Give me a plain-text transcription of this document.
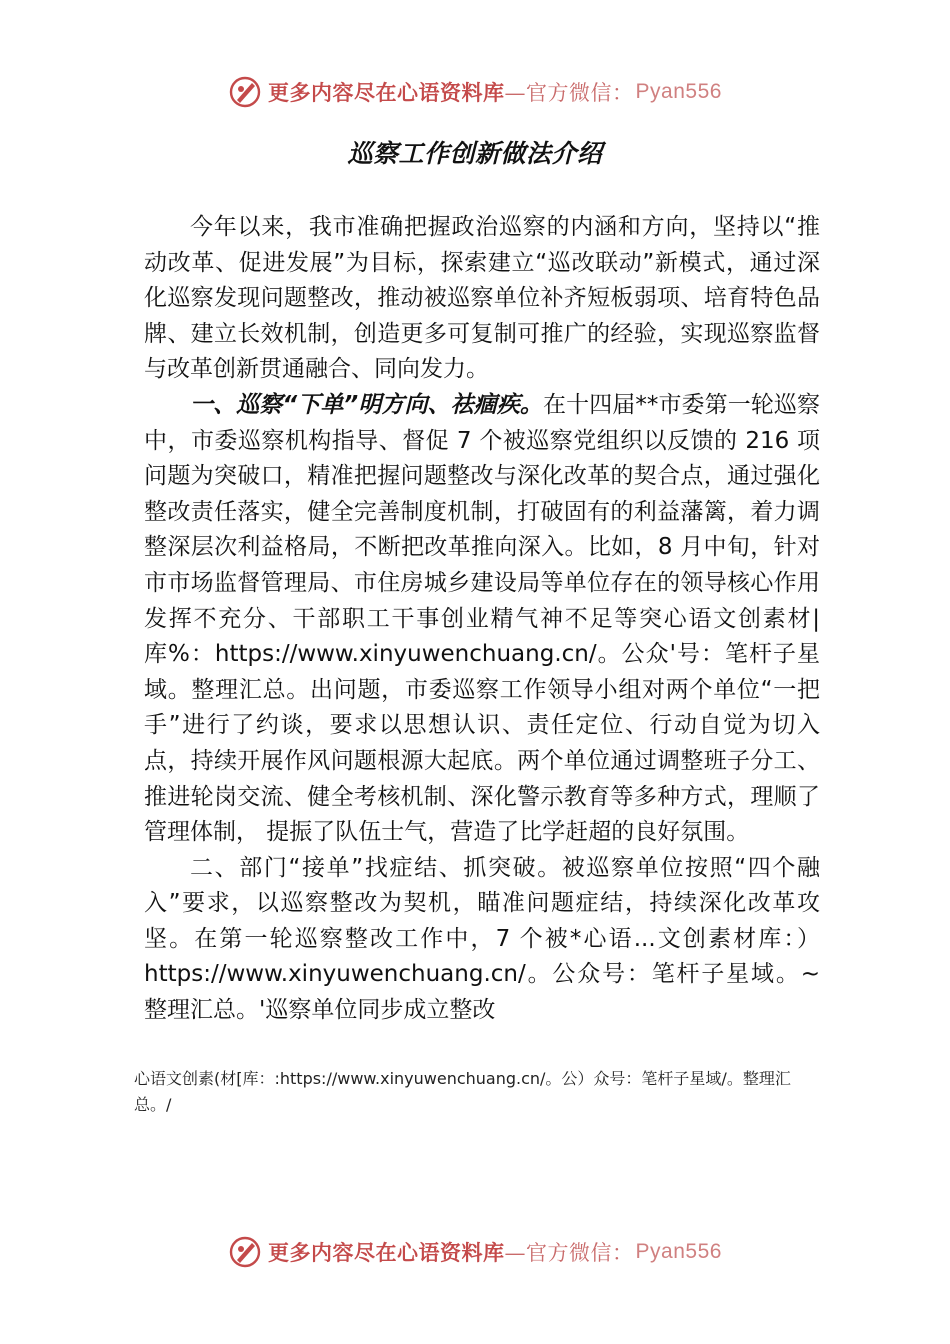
更多内容尽在心语资料库 —官方微信： Pyan556
巡察工作创新做法介绍

今年以来，我市准确把握政治巡察的内涵和方向，坚持以“推动改革、促进发展”为目标，探索建立“巡改联动”新模式，通过深化巡察发现问题整改，推动被巡察单位补齐短板弱项、培育特色品牌、建立长效机制，创造更多可复制可推广的经验，实现巡察监督与改革创新贯通融合、同向发力。

一、巡察“下单”明方向、祛痼疾。在十四届**市委第一轮巡察中，市委巡察机构指导、督促 7 个被巡察党组织以反馈的 216 项问题为突破口，精准把握问题整改与深化改革的契合点，通过强化整改责任落实，健全完善制度机制，打破固有的利益藩篱，着力调整深层次利益格局，不断把改革推向深入。比如，8 月中旬，针对市市场监督管理局、市住房城乡建设局等单位存在的领导核心作用发挥不充分、干部职工干事创业精气神不足等突心语文创素材|库%：https://www.xinyuwenchuang.cn/。公众'号：笔杆子星域。整理汇总。出问题，市委巡察工作领导小组对两个单位“一把手”进行了约谈，要求以思想认识、责任定位、行动自觉为切入点，持续开展作风问题根源大起底。两个单位通过调整班子分工、推进轮岗交流、健全考核机制、深化警示教育等多种方式，理顺了管理体制， 提振了队伍士气，营造了比学赶超的良好氛围。

二、部门“接单”找症结、抓突破。被巡察单位按照“四个融入”要求，以巡察整改为契机，瞄准问题症结，持续深化改革攻坚。在第一轮巡察整改工作中，7 个被*心语...文创素材库：）https://www.xinyuwenchuang.cn/。公众号：笔杆子星域。~整理汇总。'巡察单位同步成立整改

心语文创素(材[库：:https://www.xinyuwenchuang.cn/。公）众号：笔杆子星域/。整理汇总。/
更多内容尽在心语资料库 —官方微信： Pyan556
